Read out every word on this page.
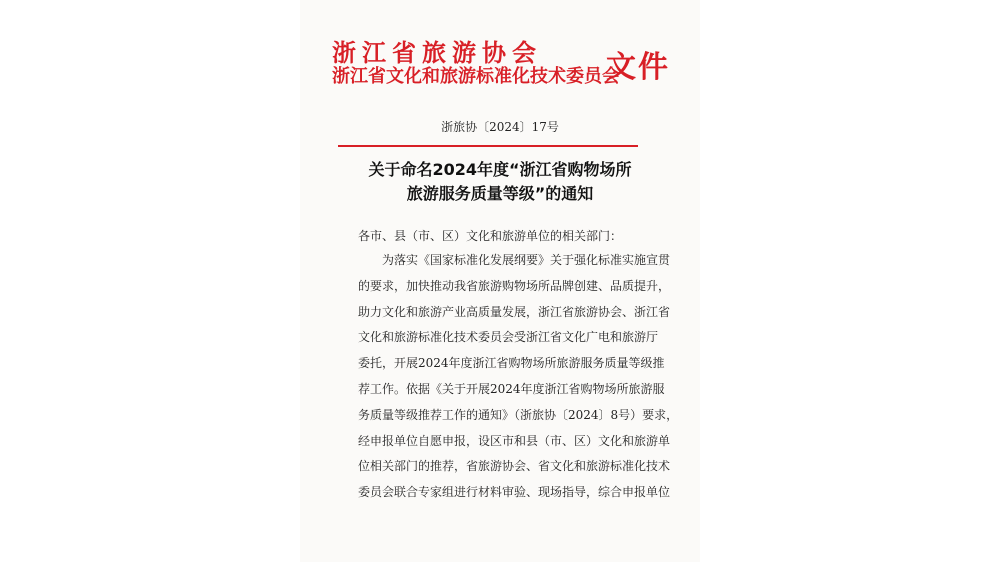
浙江省旅游协会
浙江省文化和旅游标准化技术委员会
文件
浙旅协〔2024〕17号
关于命名2024年度“浙江省购物场所
旅游服务质量等级”的通知
各市、县（市、区）文化和旅游单位的相关部门：
为落实《国家标准化发展纲要》关于强化标准实施宣贯
的要求，加快推动我省旅游购物场所品牌创建、品质提升，
助力文化和旅游产业高质量发展，浙江省旅游协会、浙江省
文化和旅游标准化技术委员会受浙江省文化广电和旅游厅
委托，开展2024年度浙江省购物场所旅游服务质量等级推
荐工作。依据《关于开展2024年度浙江省购物场所旅游服
务质量等级推荐工作的通知》（浙旅协〔2024〕8号）要求，
经申报单位自愿申报，设区市和县（市、区）文化和旅游单
位相关部门的推荐，省旅游协会、省文化和旅游标准化技术
委员会联合专家组进行材料审验、现场指导，综合申报单位
